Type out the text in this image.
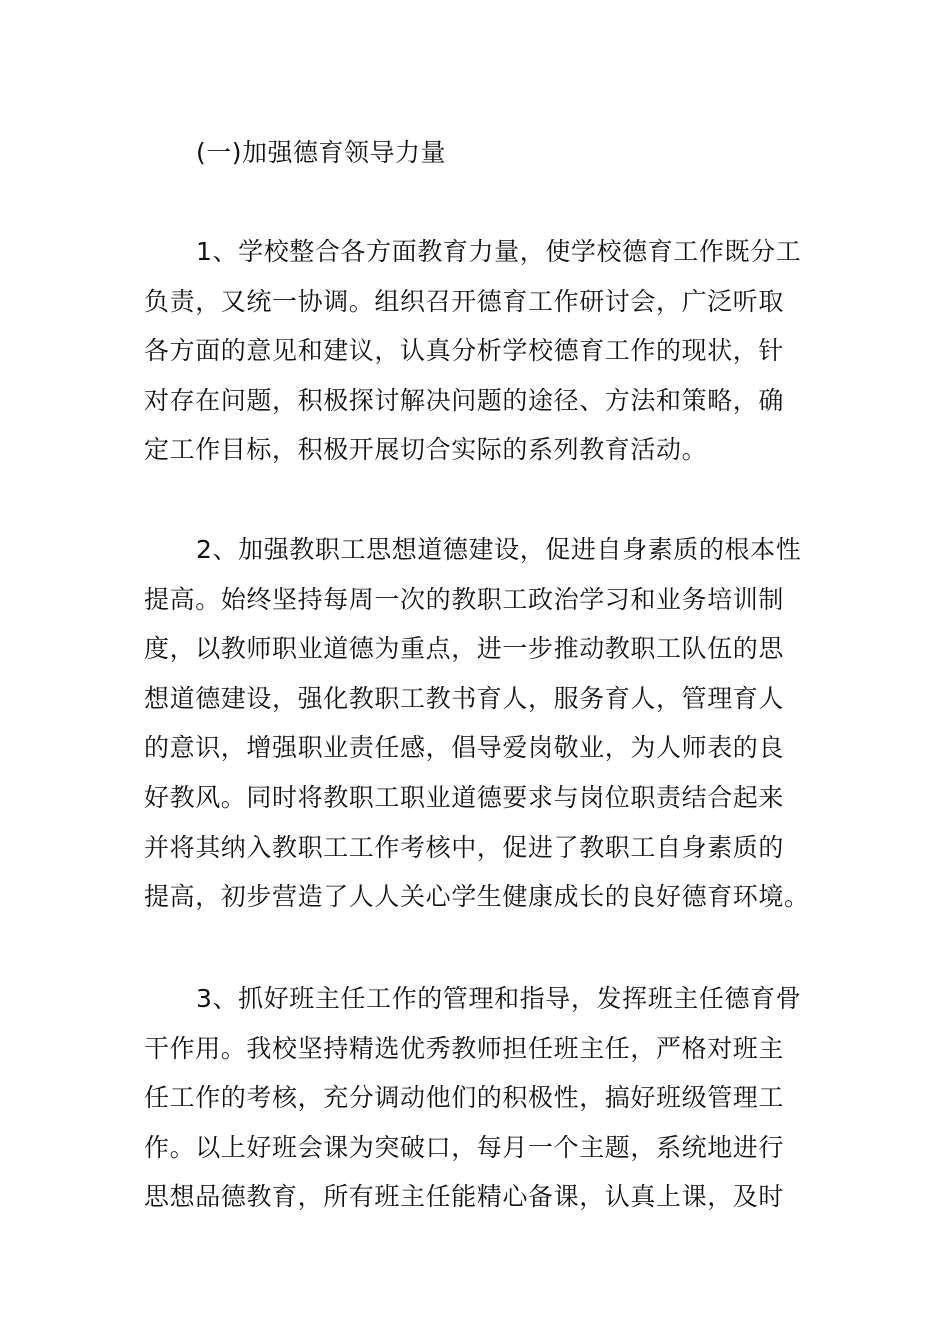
(一)加强德育领导力量
1、学校整合各方面教育力量，使学校德育工作既分工
负责，又统一协调。组织召开德育工作研讨会，广泛听取
各方面的意见和建议，认真分析学校德育工作的现状，针
对存在问题，积极探讨解决问题的途径、方法和策略，确
定工作目标，积极开展切合实际的系列教育活动。
2、加强教职工思想道德建设，促进自身素质的根本性
提高。始终坚持每周一次的教职工政治学习和业务培训制
度，以教师职业道德为重点，进一步推动教职工队伍的思
想道德建设，强化教职工教书育人，服务育人，管理育人
的意识，增强职业责任感，倡导爱岗敬业，为人师表的良
好教风。同时将教职工职业道德要求与岗位职责结合起来
并将其纳入教职工工作考核中，促进了教职工自身素质的
提高，初步营造了人人关心学生健康成长的良好德育环境。
3、抓好班主任工作的管理和指导，发挥班主任德育骨
干作用。我校坚持精选优秀教师担任班主任，严格对班主
任工作的考核，充分调动他们的积极性，搞好班级管理工
作。以上好班会课为突破口，每月一个主题，系统地进行
思想品德教育，所有班主任能精心备课，认真上课，及时
